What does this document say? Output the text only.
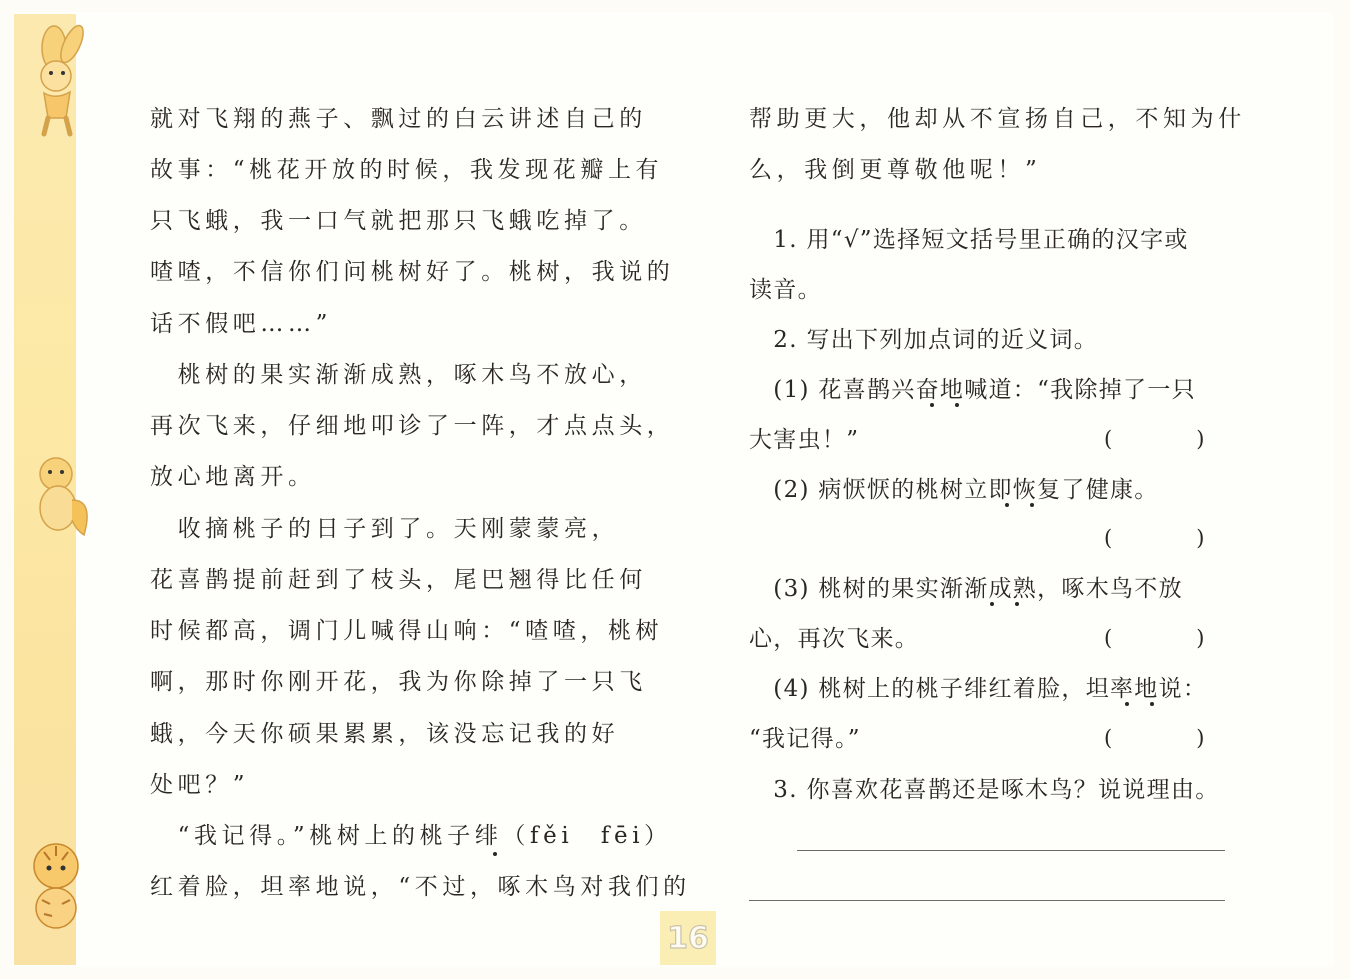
就对飞翔的燕子、飘过的白云讲述自己的
故事：“桃花开放的时候，我发现花瓣上有
只飞蛾，我一口气就把那只飞蛾吃掉了。
喳喳，不信你们问桃树好了。桃树，我说的
话不假吧……”
　桃树的果实渐渐成熟，啄木鸟不放心，
再次飞来，仔细地叩诊了一阵，才点点头，
放心地离开。
　收摘桃子的日子到了。天刚蒙蒙亮，
花喜鹊提前赶到了枝头，尾巴翘得比任何
时候都高，调门儿喊得山响：“喳喳，桃树
啊，那时你刚开花，我为你除掉了一只飞
蛾，今天你硕果累累，该没忘记我的好
处吧？”
　“我记得。”桃树上的桃子绯（fěi　fēi）
红着脸，坦率地说，“不过，啄木鸟对我们的
帮助更大，他却从不宣扬自己，不知为什
么，我倒更尊敬他呢！”
　1. 用“√”选择短文括号里正确的汉字或
读音。
　2. 写出下列加点词的近义词。
　(1) 花喜鹊兴奋地喊道：“我除掉了一只
大害虫！”
　(2) 病恹恹的桃树立即恢复了健康。
　(3) 桃树的果实渐渐成熟，啄木鸟不放
心，再次飞来。
　(4) 桃树上的桃子绯红着脸，坦率地说：
“我记得。”
　3. 你喜欢花喜鹊还是啄木鸟？说说理由。
(　　　　)
(　　　　)
(　　　　)
(　　　　)
16
